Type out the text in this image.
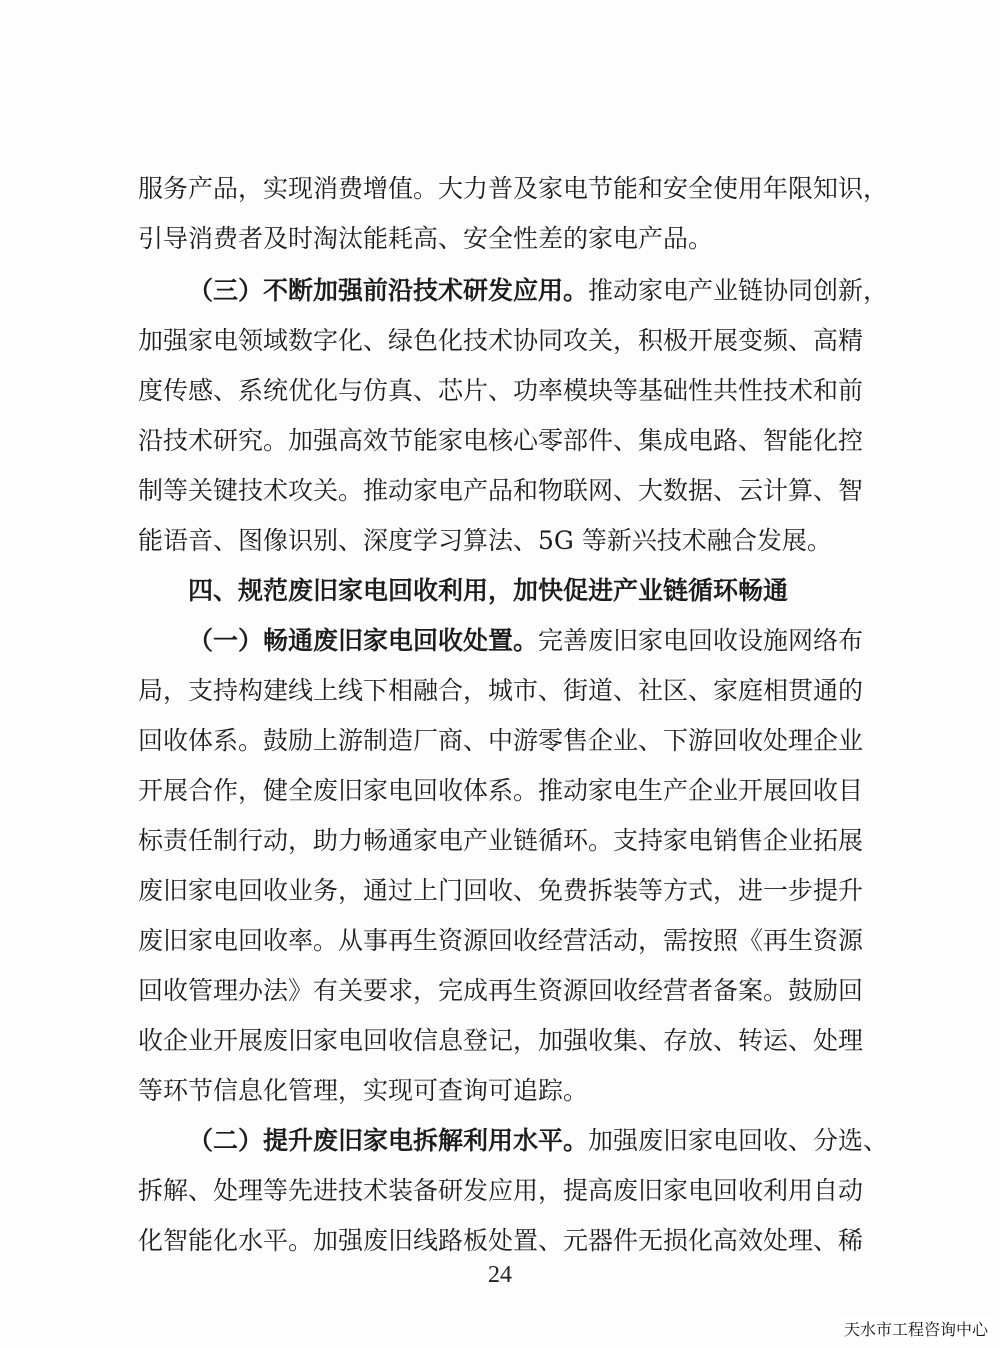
服务产品，实现消费增值。大力普及家电节能和安全使用年限知识，
引导消费者及时淘汰能耗高、安全性差的家电产品。
（三）不断加强前沿技术研发应用。推动家电产业链协同创新，
加强家电领域数字化、绿色化技术协同攻关，积极开展变频、高精
度传感、系统优化与仿真、芯片、功率模块等基础性共性技术和前
沿技术研究。加强高效节能家电核心零部件、集成电路、智能化控
制等关键技术攻关。推动家电产品和物联网、大数据、云计算、智
能语音、图像识别、深度学习算法、5G 等新兴技术融合发展。
四、规范废旧家电回收利用，加快促进产业链循环畅通
（一）畅通废旧家电回收处置。完善废旧家电回收设施网络布
局，支持构建线上线下相融合，城市、街道、社区、家庭相贯通的
回收体系。鼓励上游制造厂商、中游零售企业、下游回收处理企业
开展合作，健全废旧家电回收体系。推动家电生产企业开展回收目
标责任制行动，助力畅通家电产业链循环。支持家电销售企业拓展
废旧家电回收业务，通过上门回收、免费拆装等方式，进一步提升
废旧家电回收率。从事再生资源回收经营活动，需按照《再生资源
回收管理办法》有关要求，完成再生资源回收经营者备案。鼓励回
收企业开展废旧家电回收信息登记，加强收集、存放、转运、处理
等环节信息化管理，实现可查询可追踪。
（二）提升废旧家电拆解利用水平。加强废旧家电回收、分选、
拆解、处理等先进技术装备研发应用，提高废旧家电回收利用自动
化智能化水平。加强废旧线路板处置、元器件无损化高效处理、稀
24
天水市工程咨询中心
